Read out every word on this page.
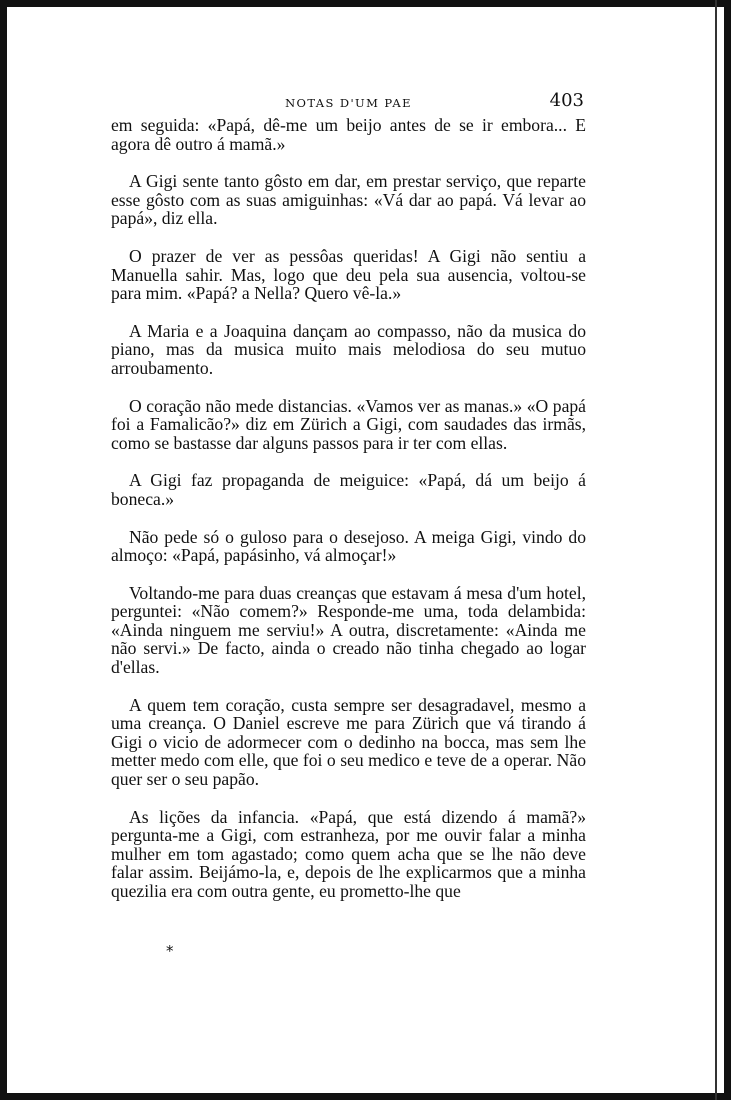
NOTAS D'UM PAE	403

em seguida: «Papá, dê-me um beijo antes de se ir embora... E agora dê outro á mamã.»

A Gigi sente tanto gôsto em dar, em prestar serviço, que reparte esse gôsto com as suas amiguinhas: «Vá dar ao papá. Vá levar ao papá», diz ella.

O prazer de ver as pessôas queridas! A Gigi não sentiu a Manuella sahir. Mas, logo que deu pela sua ausencia, voltou-se para mim. «Papá? a Nella? Quero vê-la.»

A Maria e a Joaquina dançam ao compasso, não da musica do piano, mas da musica muito mais melodiosa do seu mutuo arroubamento.

O coração não mede distancias. «Vamos ver as manas.» «O papá foi a Famalicão?» diz em Zürich a Gigi, com saudades das irmãs, como se bastasse dar alguns passos para ir ter com ellas.

A Gigi faz propaganda de meiguice: «Papá, dá um beijo á boneca.»

Não pede só o guloso para o desejoso. A meiga Gigi, vindo do almoço: «Papá, papásinho, vá almoçar!»

Voltando-me para duas creanças que estavam á mesa d'um hotel, perguntei: «Não comem?» Responde-me uma, toda delambida: «Ainda ninguem me serviu!» A outra, discretamente: «Ainda me não servi.» De facto, ainda o creado não tinha chegado ao logar d'ellas.

A quem tem coração, custa sempre ser desagradavel, mesmo a uma creança. O Daniel escreve me para Zürich que vá tirando á Gigi o vicio de adormecer com o dedinho na bocca, mas sem lhe metter medo com elle, que foi o seu medico e teve de a operar. Não quer ser o seu papão.

As lições da infancia. «Papá, que está dizendo á mamã?» pergunta-me a Gigi, com estranheza, por me ouvir falar a minha mulher em tom agastado; como quem acha que se lhe não deve falar assim. Beijámo-la, e, depois de lhe explicarmos que a minha quezilia era com outra gente, eu prometto-lhe que

*
